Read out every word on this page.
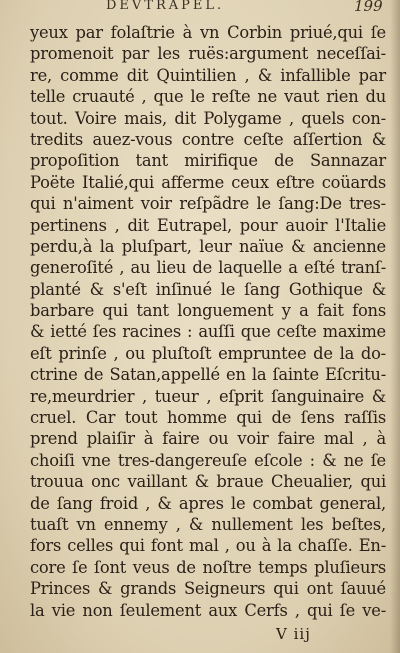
DEVTRAPEL.	199
yeux par folaſtrie à vn Corbin priué,qui ſe
promenoit par les ruës:argument neceſſai-
re, comme dit Quintilien , & infallible par
telle cruauté , que le reſte ne vaut rien du
tout. Voire mais, dit Polygame , quels con-
tredits auez-vous contre ceſte aſſertion &
propoſition tant mirifique de Sannazar
Poëte Italié,qui afferme ceux eſtre coüards
qui n'aiment voir reſpãdre le ſang:De tres-
pertinens , dit Eutrapel, pour auoir l'Italie
perdu,à la pluſpart, leur naïue & ancienne
generoſité , au lieu de laquelle a eſté tranſ-
planté & s'eſt inſinué le ſang Gothique &
barbare qui tant longuement y a fait fons
& ietté ſes racines : auſſi que ceſte maxime
eſt prinſe , ou pluſtoſt empruntee de la do-
ctrine de Satan,appellé en la ſainte Eſcritu-
re,meurdrier , tueur , eſprit ſanguinaire &
cruel. Car tout homme qui de ſens raſſis
prend plaiſir à faire ou voir faire mal , à
choiſi vne tres-dangereuſe eſcole : & ne ſe
trouua onc vaillant & braue Cheualier, qui
de ſang froid , & apres le combat general,
tuaſt vn ennemy , & nullement les beſtes,
fors celles qui font mal , ou à la chaſſe. En-
core ſe ſont veus de noſtre temps pluſieurs
Princes & grands Seigneurs qui ont ſauué
la vie non ſeulement aux Cerfs , qui ſe ve-
V iij
